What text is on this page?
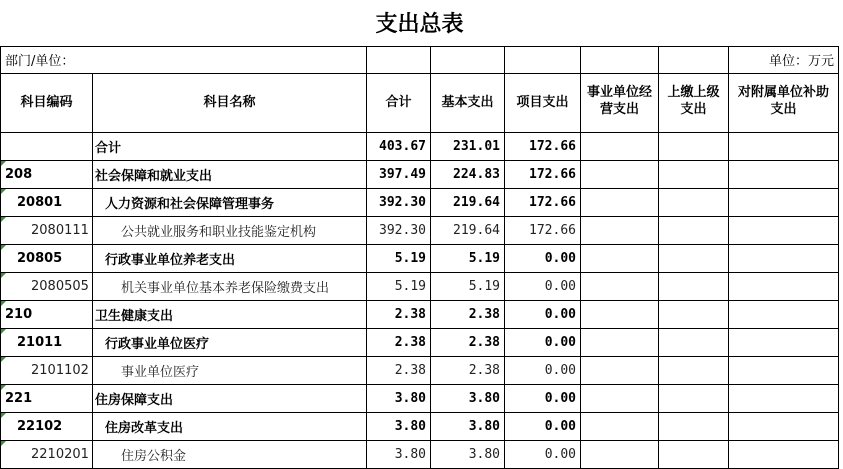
支出总表							
部门/单位：							单位：万元
科目编码	科目名称	合计	基本支出	项目支出	事业单位经营支出	上缴上级支出	对附属单位补助支出
	合计	403.67	231.01	172.66			
208	社会保障和就业支出	397.49	224.83	172.66			
20801	人力资源和社会保障管理事务	392.30	219.64	172.66			
2080111	公共就业服务和职业技能鉴定机构	392.30	219.64	172.66			
20805	行政事业单位养老支出	5.19	5.19	0.00			
2080505	机关事业单位基本养老保险缴费支出	5.19	5.19	0.00			
210	卫生健康支出	2.38	2.38	0.00			
21011	行政事业单位医疗	2.38	2.38	0.00			
2101102	事业单位医疗	2.38	2.38	0.00			
221	住房保障支出	3.80	3.80	0.00			
22102	住房改革支出	3.80	3.80	0.00			
2210201	住房公积金	3.80	3.80	0.00			
